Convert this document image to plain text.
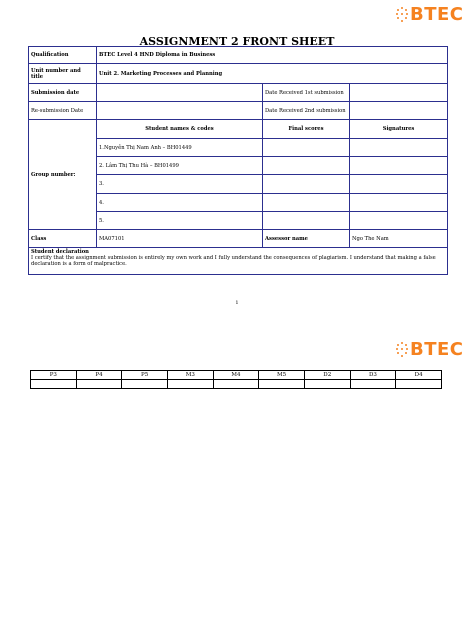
BTEC
ASSIGNMENT 2 FRONT SHEET
Qualification	BTEC Level 4 HND Diploma in Business		
Unit number and title	Unit 2. Marketing Processes and Planning		
Submission date		Date Received 1st submission	
Re-submission Date		Date Received 2nd submission	
Group number:	Student names & codes	Final scores	Signatures
	1.Nguyễn Thị Nam Anh – BH01449		
	2. Lâm Thị Thu Hà – BH01499		
	3.		
	4.		
	5.		
Class	MA07101	Assessor name	Ngo The Nam

Student declaration
I certify that the assignment submission is entirely my own work and I fully understand the consequences of plagiarism. I understand that making a false declaration is a form of malpractice.			
1
BTEC
P3	P4	P5	M3	M4	M5	D2	D3	D4
